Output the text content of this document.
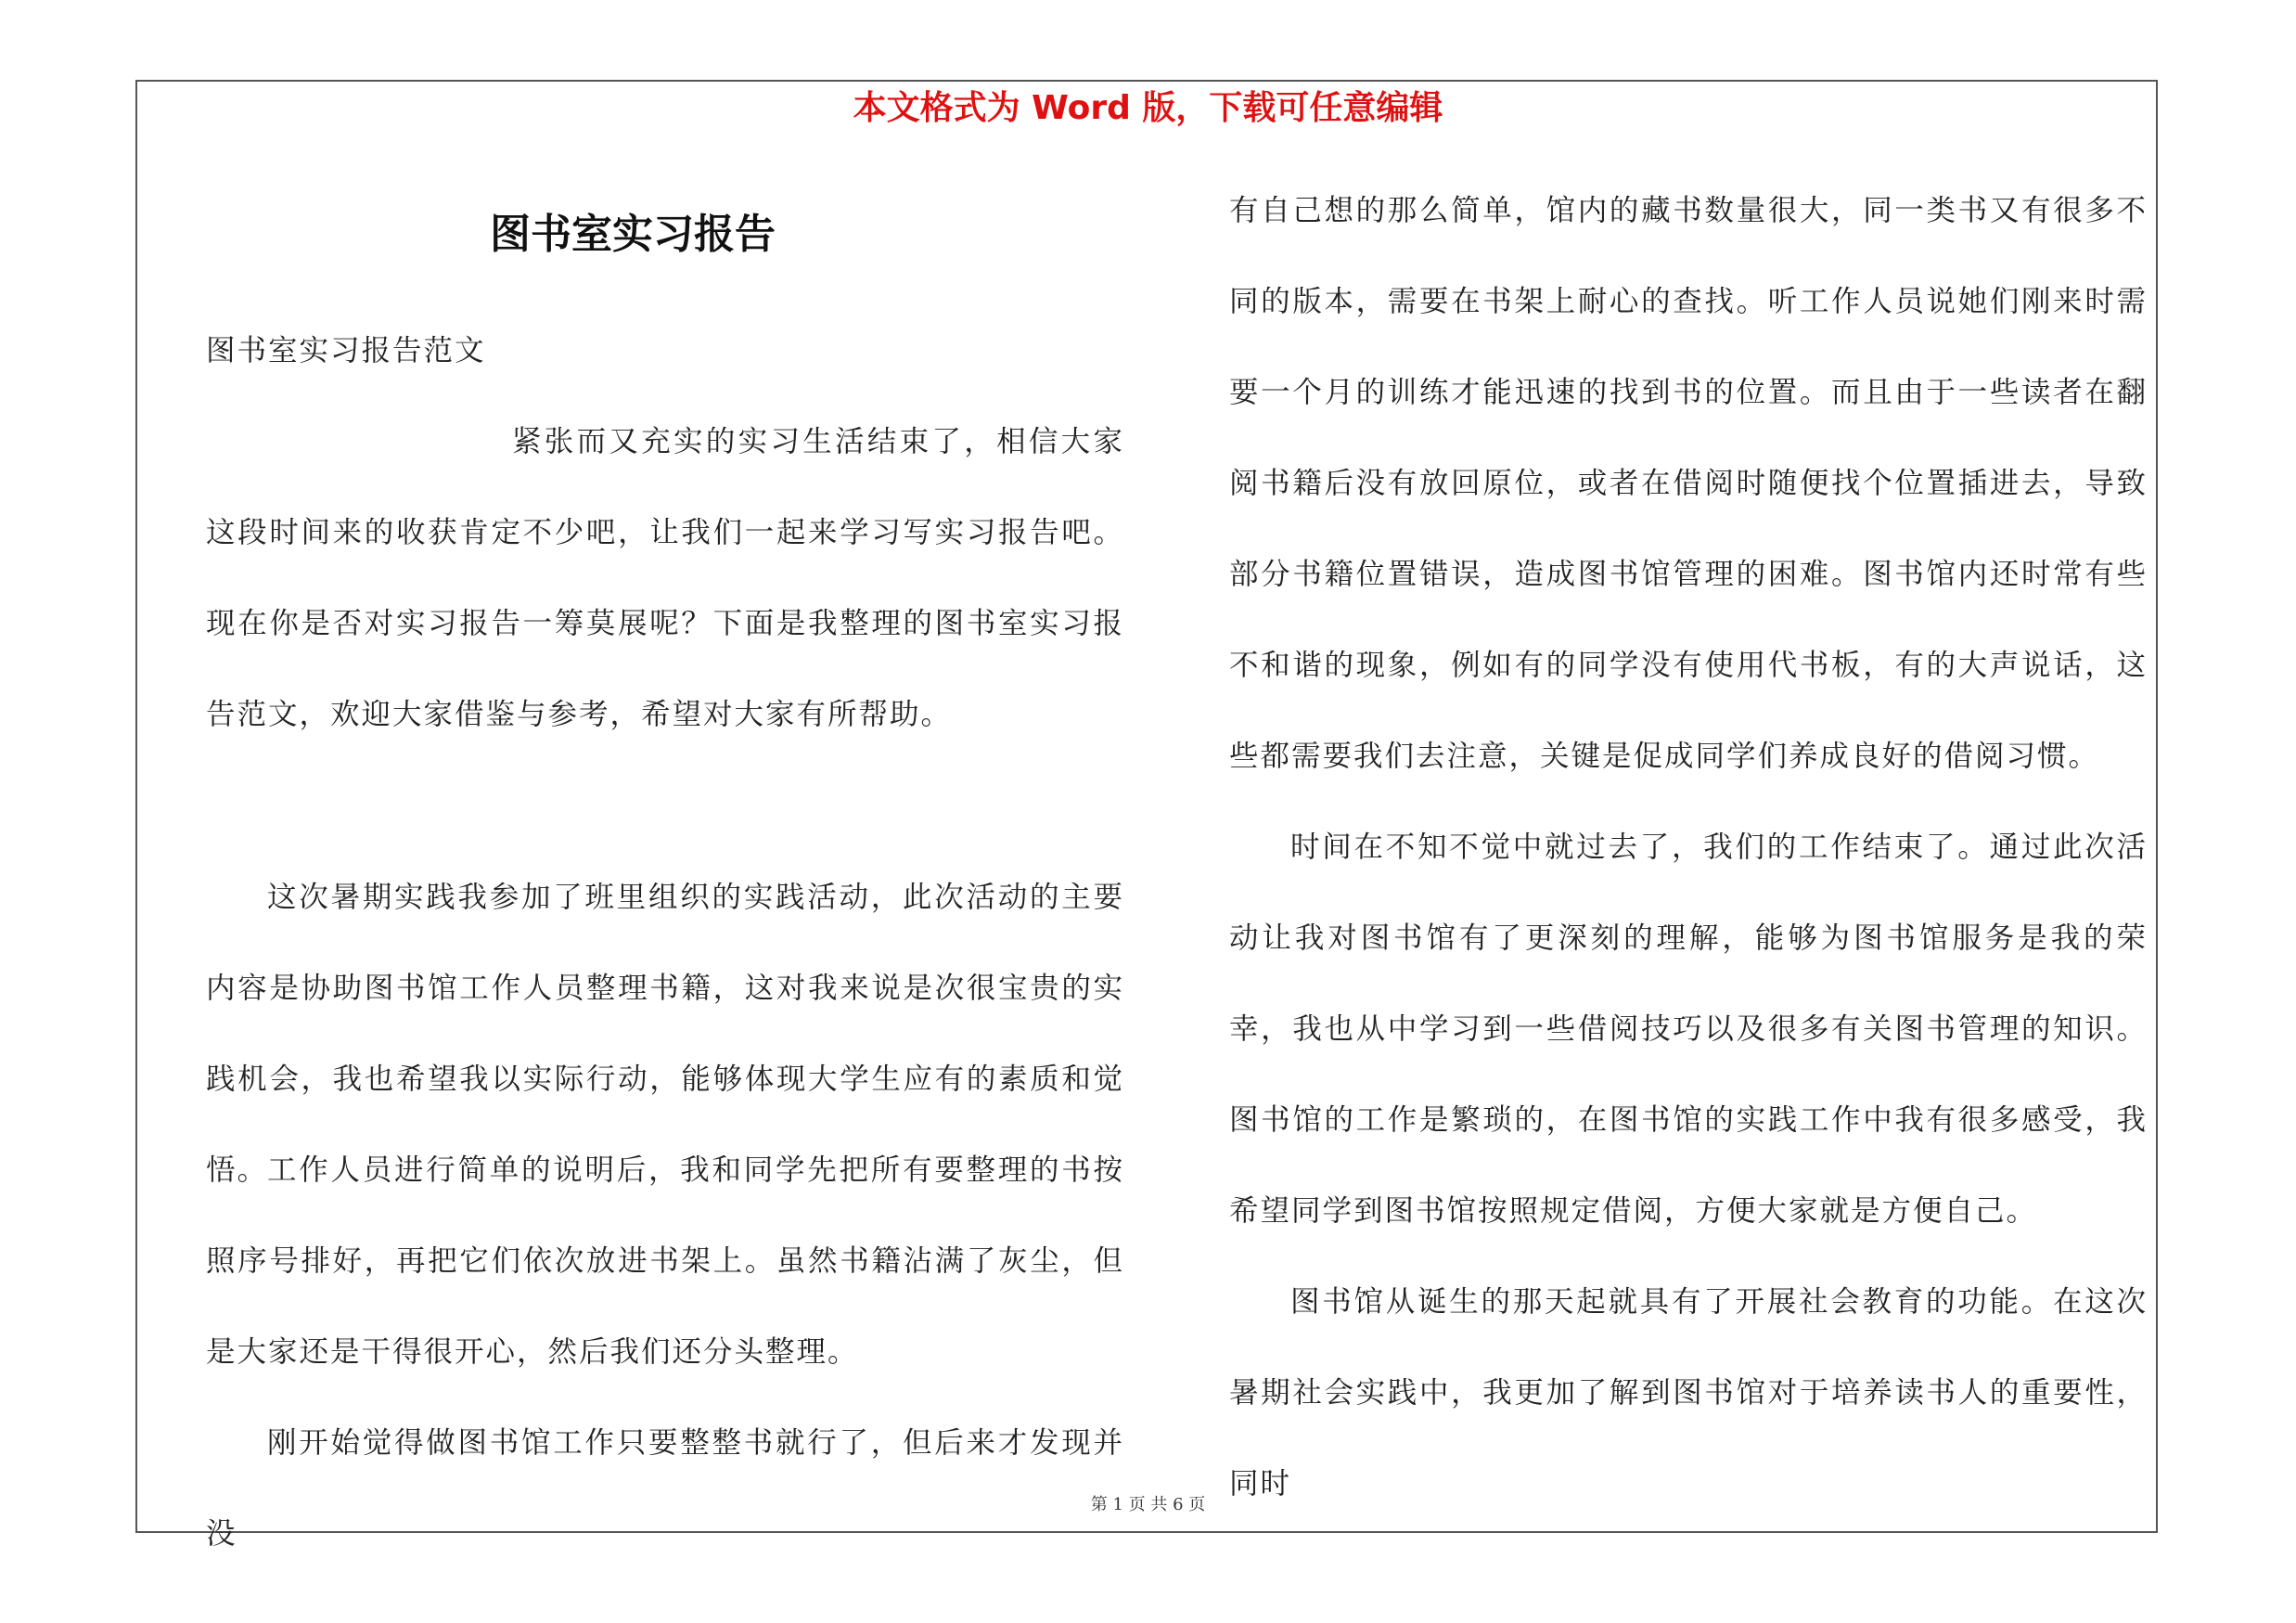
本文格式为 Word 版，下载可任意编辑
图书室实习报告

图书室实习报告范文

紧张而又充实的实习生活结束了，相信大家这段时间来的收获肯定不少吧，让我们一起来学习写实习报告吧。现在你是否对实习报告一筹莫展呢？下面是我整理的图书室实习报告范文，欢迎大家借鉴与参考，希望对大家有所帮助。

这次暑期实践我参加了班里组织的实践活动，此次活动的主要内容是协助图书馆工作人员整理书籍，这对我来说是次很宝贵的实践机会，我也希望我以实际行动，能够体现大学生应有的素质和觉悟。

工作人员进行简单的说明后，我和同学先把所有要整理的书按照序号排好，再把它们依次放进书架上。虽然书籍沾满了灰尘，但是大家还是干得很开心，然后我们还分头整理。

刚开始觉得做图书馆工作只要整整书就行了，但后来才发现并没

有自己想的那么简单，馆内的藏书数量很大，同一类书又有很多不同的版本，需要在书架上耐心的查找。听工作人员说她们刚来时需要一个月的训练才能迅速的找到书的位置。而且由于一些读者在翻阅书籍后没有放回原位，或者在借阅时随便找个位置插进去，导致部分书籍位置错误，造成图书馆管理的困难。图书馆内还时常有些不和谐的现象，例如有的同学没有使用代书板，有的大声说话，这些都需要我们去注意，关键是促成同学们养成良好的借阅习惯。

时间在不知不觉中就过去了，我们的工作结束了。通过此次活动让我对图书馆有了更深刻的理解，能够为图书馆服务是我的荣幸，我也从中学习到一些借阅技巧以及很多有关图书管理的知识。图书馆的工作是繁琐的，在图书馆的实践工作中我有很多感受，我希望同学到图书馆按照规定借阅，方便大家就是方便自己。

图书馆从诞生的那天起就具有了开展社会教育的功能。在这次暑期社会实践中，我更加了解到图书馆对于培养读书人的重要性，同时

第 1 页 共 6 页
